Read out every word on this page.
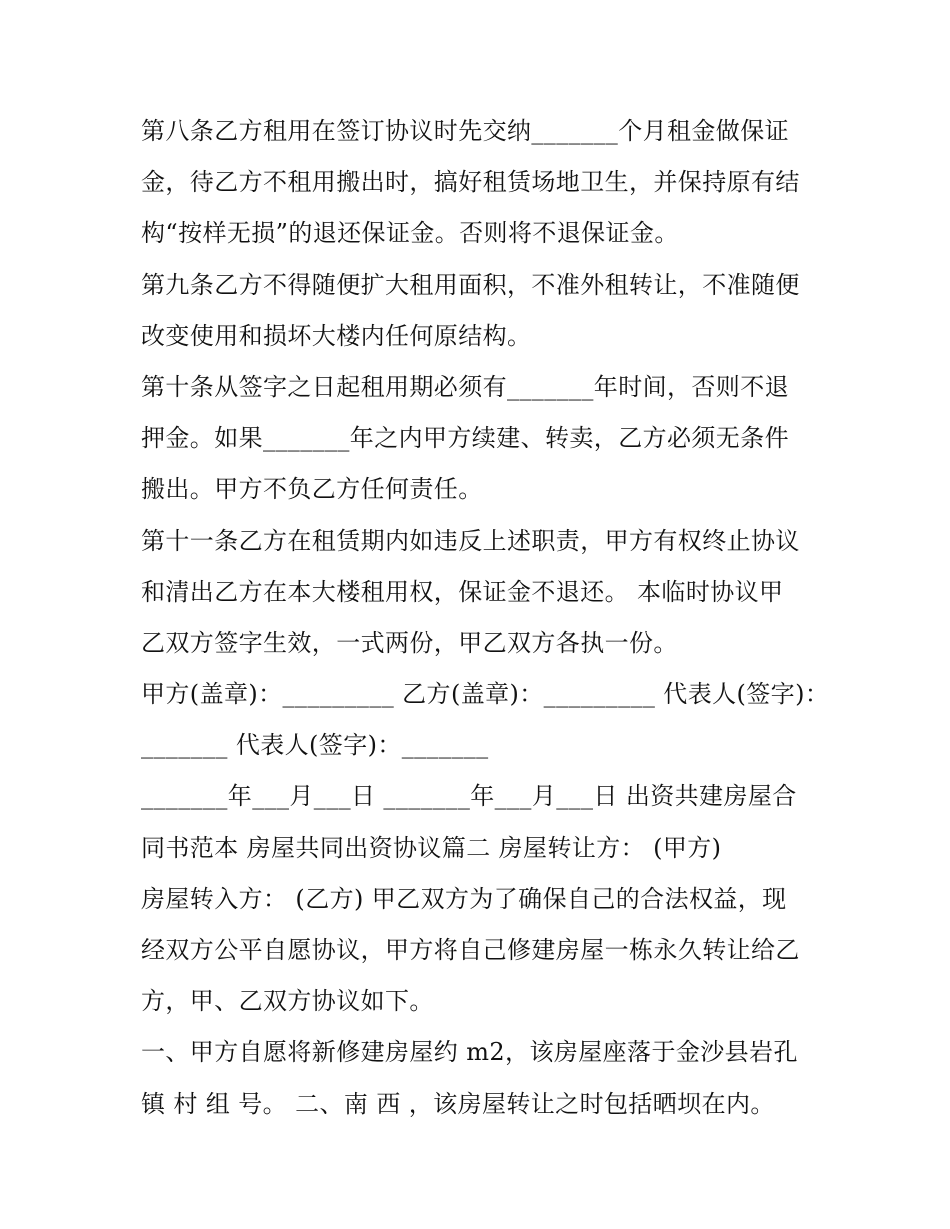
第八条乙方租用在签订协议时先交纳_______个月租金做保证
金，待乙方不租用搬出时，搞好租赁场地卫生，并保持原有结
构“按样无损”的退还保证金。否则将不退保证金。
第九条乙方不得随便扩大租用面积，不准外租转让，不准随便
改变使用和损坏大楼内任何原结构。
第十条从签字之日起租用期必须有_______年时间，否则不退
押金。如果_______年之内甲方续建、转卖，乙方必须无条件
搬出。甲方不负乙方任何责任。
第十一条乙方在租赁期内如违反上述职责，甲方有权终止协议
和清出乙方在本大楼租用权，保证金不退还。 本临时协议甲
乙双方签字生效，一式两份，甲乙双方各执一份。
甲方(盖章)：_________ 乙方(盖章)：_________ 代表人(签字)：
_______ 代表人(签字)：_______
_______年___月___日 _______年___月___日 出资共建房屋合
同书范本 房屋共同出资协议篇二 房屋转让方： (甲方)
房屋转入方： (乙方) 甲乙双方为了确保自己的合法权益，现
经双方公平自愿协议，甲方将自己修建房屋一栋永久转让给乙
方，甲、乙双方协议如下。
一、甲方自愿将新修建房屋约 m2，该房屋座落于金沙县岩孔
镇 村 组 号。 二、南 西 ，该房屋转让之时包括晒坝在内。
